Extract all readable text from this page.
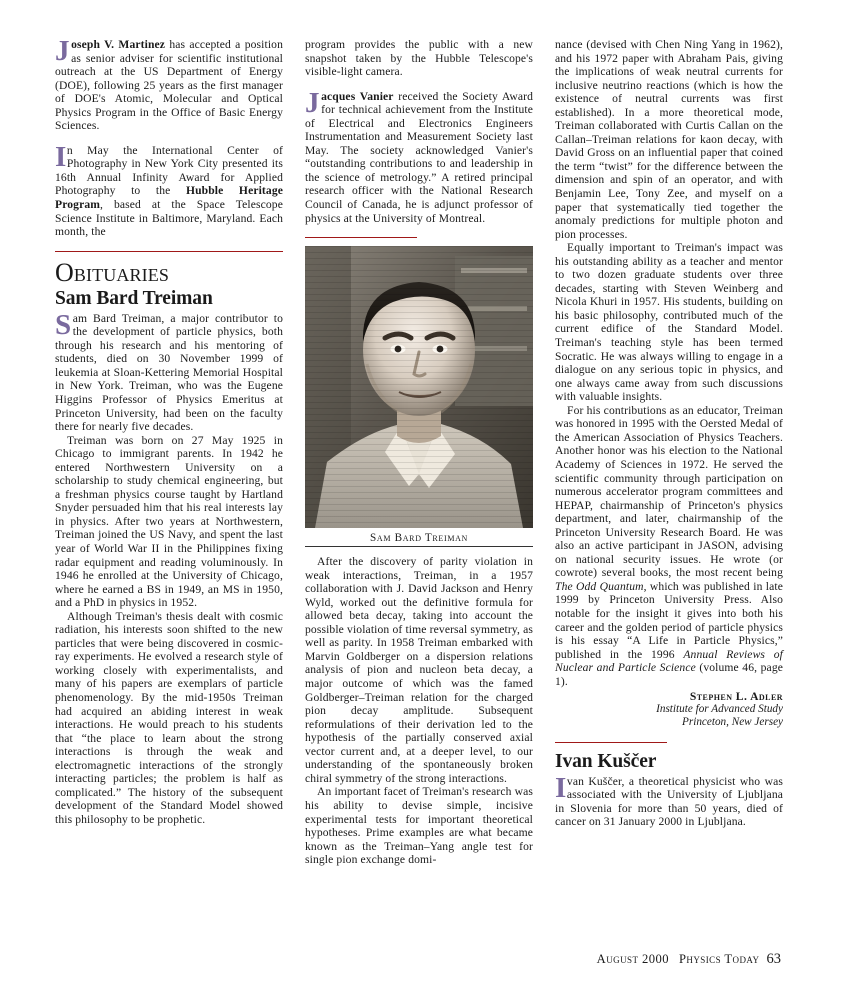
Joseph V. Martinez has accepted a position as senior adviser for scientific institutional outreach at the US Department of Energy (DOE), following 25 years as the first manager of DOE's Atomic, Molecular and Optical Physics Program in the Office of Basic Energy Sciences.

In May the International Center of Photography in New York City presented its 16th Annual Infinity Award for Applied Photography to the Hubble Heritage Program, based at the Space Telescope Science Institute in Baltimore, Maryland. Each month, the

Obituaries
Sam Bard Treiman

Sam Bard Treiman, a major contributor to the development of particle physics, both through his research and his mentoring of students, died on 30 November 1999 of leukemia at Sloan-Kettering Memorial Hospital in New York. Treiman, who was the Eugene Higgins Professor of Physics Emeritus at Princeton University, had been on the faculty there for nearly five decades.

Treiman was born on 27 May 1925 in Chicago to immigrant parents. In 1942 he entered Northwestern University on a scholarship to study chemical engineering, but a freshman physics course taught by Hartland Snyder persuaded him that his real interests lay in physics. After two years at Northwestern, Treiman joined the US Navy, and spent the last year of World War II in the Philippines fixing radar equipment and reading voluminously. In 1946 he enrolled at the University of Chicago, where he earned a BS in 1949, an MS in 1950, and a PhD in physics in 1952.

Although Treiman's thesis dealt with cosmic radiation, his interests soon shifted to the new particles that were being discovered in cosmic-ray experiments. He evolved a research style of working closely with experimentalists, and many of his papers are exemplars of particle phenomenology. By the mid-1950s Treiman had acquired an abiding interest in weak interactions. He would preach to his students that “the place to learn about the strong interactions is through the weak and electromagnetic interactions of the strongly interacting particles; the problem is half as complicated.” The history of the subsequent development of the Standard Model showed this philosophy to be prophetic.

program provides the public with a new snapshot taken by the Hubble Telescope's visible-light camera.

Jacques Vanier received the Society Award for technical achievement from the Institute of Electrical and Electronics Engineers Instrumentation and Measurement Society last May. The society acknowledged Vanier's “outstanding contributions to and leadership in the science of metrology.” A retired principal research officer with the National Research Council of Canada, he is adjunct professor of physics at the University of Montreal.

Sam Bard Treiman

After the discovery of parity violation in weak interactions, Treiman, in a 1957 collaboration with J. David Jackson and Henry Wyld, worked out the definitive formula for allowed beta decay, taking into account the possible violation of time reversal symmetry, as well as parity. In 1958 Treiman embarked with Marvin Goldberger on a dispersion relations analysis of pion and nucleon beta decay, a major outcome of which was the famed Goldberger–Treiman relation for the charged pion decay amplitude. Subsequent reformulations of their derivation led to the hypothesis of the partially conserved axial vector current and, at a deeper level, to our understanding of the spontaneously broken chiral symmetry of the strong interactions.

An important facet of Treiman's research was his ability to devise simple, incisive experimental tests for important theoretical hypotheses. Prime examples are what became known as the Treiman–Yang angle test for single pion exchange domi-

nance (devised with Chen Ning Yang in 1962), and his 1972 paper with Abraham Pais, giving the implications of weak neutral currents for inclusive neutrino reactions (which is how the existence of neutral currents was first established). In a more theoretical mode, Treiman collaborated with Curtis Callan on the Callan–Treiman relations for kaon decay, with David Gross on an influential paper that coined the term “twist” for the difference between the dimension and spin of an operator, and with Benjamin Lee, Tony Zee, and myself on a paper that systematically tied together the anomaly predictions for multiple photon and pion processes.

Equally important to Treiman's impact was his outstanding ability as a teacher and mentor to two dozen graduate students over three decades, starting with Steven Weinberg and Nicola Khuri in 1957. His students, building on his basic philosophy, contributed much of the current edifice of the Standard Model. Treiman's teaching style has been termed Socratic. He was always willing to engage in a dialogue on any serious topic in physics, and one always came away from such discussions with valuable insights.

For his contributions as an educator, Treiman was honored in 1995 with the Oersted Medal of the American Association of Physics Teachers. Another honor was his election to the National Academy of Sciences in 1972. He served the scientific community through participation on numerous accelerator program committees and HEPAP, chairmanship of Princeton's physics department, and later, chairmanship of the Princeton University Research Board. He was also an active participant in JASON, advising on national security issues. He wrote (or cowrote) several books, the most recent being The Odd Quantum, which was published in late 1999 by Princeton University Press. Also notable for the insight it gives into both his career and the golden period of particle physics is his essay “A Life in Particle Physics,” published in the 1996 Annual Reviews of Nuclear and Particle Science (volume 46, page 1).

Stephen L. Adler
Institute for Advanced Study
Princeton, New Jersey
Ivan Kuščer

Ivan Kuščer, a theoretical physicist who was associated with the University of Ljubljana in Slovenia for more than 50 years, died of cancer on 31 January 2000 in Ljubljana.

August 2000 Physics Today 63
